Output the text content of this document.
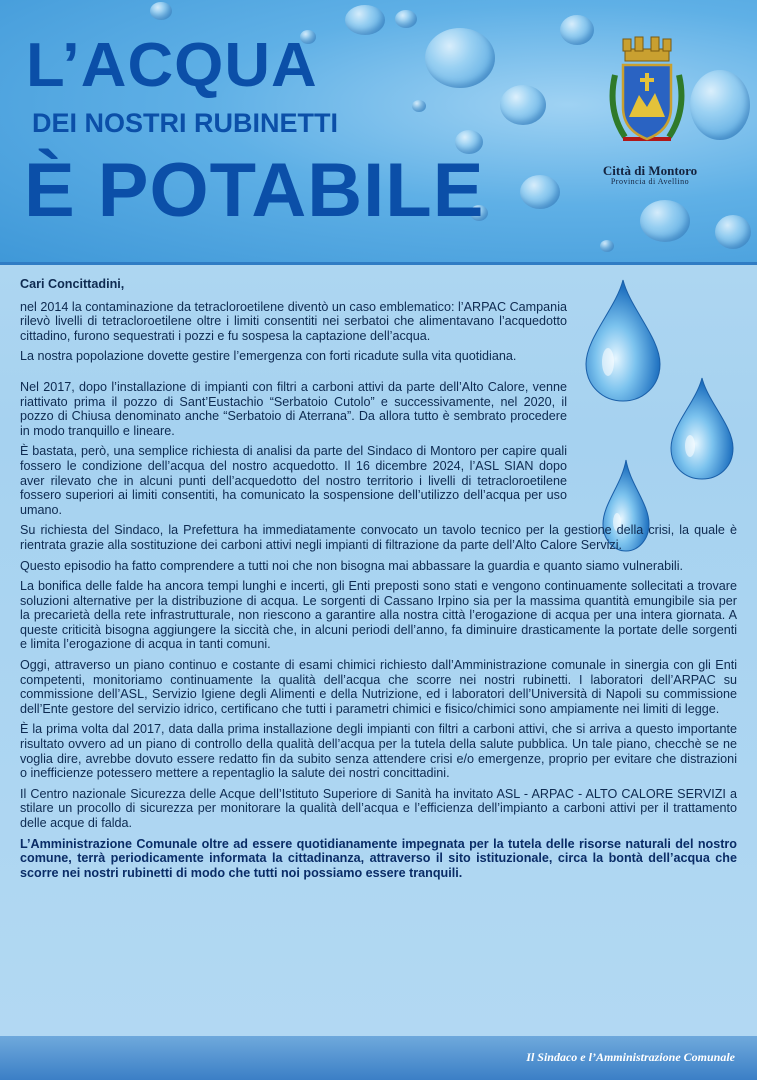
L’ACQUA
DEI NOSTRI RUBINETTI
È POTABILE	Città di Montoro
Provincia di Avellino

Cari Concittadini,

nel 2014 la contaminazione da tetracloroetilene diventò un caso emblematico: l’ARPAC Campania rilevò livelli di tetracloroetilene oltre i limiti consentiti nei serbatoi che alimentavano l’acquedotto cittadino, furono sequestrati i pozzi e fu sospesa la captazione dell’acqua.

La nostra popolazione dovette gestire l’emergenza con forti ricadute sulla vita quotidiana.

Nel 2017, dopo l’installazione di impianti con filtri a carboni attivi da parte dell’Alto Calore, venne riattivato prima il pozzo di Sant’Eustachio “Serbatoio Cutolo” e successivamente, nel 2020, il pozzo di Chiusa denominato anche “Serbatoio di Aterrana”. Da allora tutto è sembrato procedere in modo tranquillo e lineare.

È bastata, però, una semplice richiesta di analisi da parte del Sindaco di Montoro per capire quali fossero le condizione dell’acqua del nostro acquedotto. Il 16 dicembre 2024, l’ASL SIAN dopo aver rilevato che in alcuni punti dell’acquedotto del nostro territorio i livelli di tetracloroetilene fossero superiori ai limiti consentiti, ha comunicato la sospensione dell’utilizzo dell’acqua per uso umano.

Su richiesta del Sindaco, la Prefettura ha immediatamente convocato un tavolo tecnico per la gestione della crisi, la quale è rientrata grazie alla sostituzione dei carboni attivi negli impianti di filtrazione da parte dell’Alto Calore Servizi.

Questo episodio ha fatto comprendere a tutti noi che non bisogna mai abbassare la guardia e quanto siamo vulnerabili.

La bonifica delle falde ha ancora tempi lunghi e incerti, gli Enti preposti sono stati e vengono continuamente sollecitati a trovare soluzioni alternative per la distribuzione di acqua. Le sorgenti di Cassano Irpino sia per la massima quantità emungibile sia per la precarietà della rete infrastrutturale, non riescono a garantire alla nostra città l’erogazione di acqua per una intera giornata. A queste criticità bisogna aggiungere la siccità che, in alcuni periodi dell’anno, fa diminuire drasticamente la portate delle sorgenti e limita l’erogazione di acqua in tanti comuni.

Oggi, attraverso un piano continuo e costante di esami chimici richiesto dall’Amministrazione comunale in sinergia con gli Enti competenti, monitoriamo continuamente la qualità dell’acqua che scorre nei nostri rubinetti. I laboratori dell’ARPAC su commissione dell’ASL, Servizio Igiene degli Alimenti e della Nutrizione, ed i laboratori dell’Università di Napoli su commissione dell’Ente gestore del servizio idrico, certificano che tutti i parametri chimici e fisico/chimici sono ampiamente nei limiti di legge.

È la prima volta dal 2017, data dalla prima installazione degli impianti con filtri a carboni attivi, che si arriva a questo importante risultato ovvero ad un piano di controllo della qualità dell’acqua per la tutela della salute pubblica. Un tale piano, checchè se ne voglia dire, avrebbe dovuto essere redatto fin da subito senza attendere crisi e/o emergenze, proprio per evitare che distrazioni o inefficienze potessero mettere a repentaglio la salute dei nostri concittadini.

Il Centro nazionale Sicurezza delle Acque dell’Istituto Superiore di Sanità ha invitato ASL - ARPAC - ALTO CALORE SERVIZI a stilare un procollo di sicurezza per monitorare la qualità dell’acqua e l’efficienza dell’impianto a carboni attivi per il trattamento delle acque di falda.

L’Amministrazione Comunale oltre ad essere quotidianamente impegnata per la tutela delle risorse naturali del nostro comune, terrà periodicamente informata la cittadinanza, attraverso il sito istituzionale, circa la bontà dell’acqua che scorre nei nostri rubinetti di modo che tutti noi possiamo essere tranquili.

Il Sindaco e l’Amministrazione Comunale
